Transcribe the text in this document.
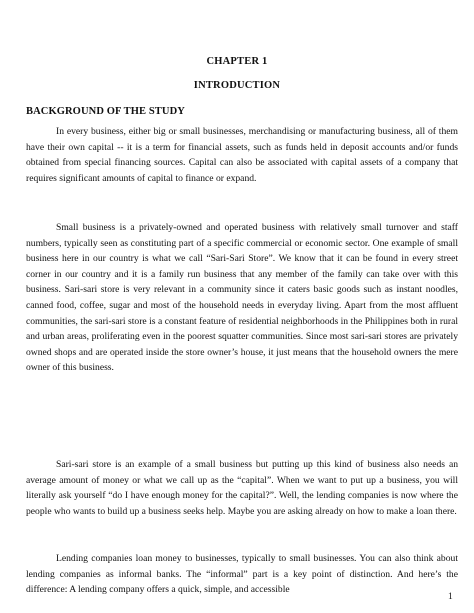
CHAPTER 1
INTRODUCTION
BACKGROUND OF THE STUDY

In every business, either big or small businesses, merchandising or manufacturing business, all of them have their own capital -- it is a term for financial assets, such as funds held in deposit accounts and/or funds obtained from special financing sources. Capital can also be associated with capital assets of a company that requires significant amounts of capital to finance or expand.

Small business is a privately-owned and operated business with relatively small turnover and staff numbers, typically seen as constituting part of a specific commercial or economic sector. One example of small business here in our country is what we call “Sari-Sari Store”. We know that it can be found in every street corner in our country and it is a family run business that any member of the family can take over with this business. Sari-sari store is very relevant in a community since it caters basic goods such as instant noodles, canned food, coffee, sugar and most of the household needs in everyday living. Apart from the most affluent communities, the sari-sari store is a constant feature of residential neighborhoods in the Philippines both in rural and urban areas, proliferating even in the poorest squatter communities. Since most sari-sari stores are privately owned shops and are operated inside the store owner’s house, it just means that the household owners the mere owner of this business.

Sari-sari store is an example of a small business but putting up this kind of business also needs an average amount of money or what we call up as the “capital”. When we want to put up a business, you will literally ask yourself “do I have enough money for the capital?”. Well, the lending companies is now where the people who wants to build up a business seeks help. Maybe you are asking already on how to make a loan there.

Lending companies loan money to businesses, typically to small businesses. You can also think about lending companies as informal banks. The “informal” part is a key point of distinction. And here’s the difference: A lending company offers a quick, simple, and accessible

1
